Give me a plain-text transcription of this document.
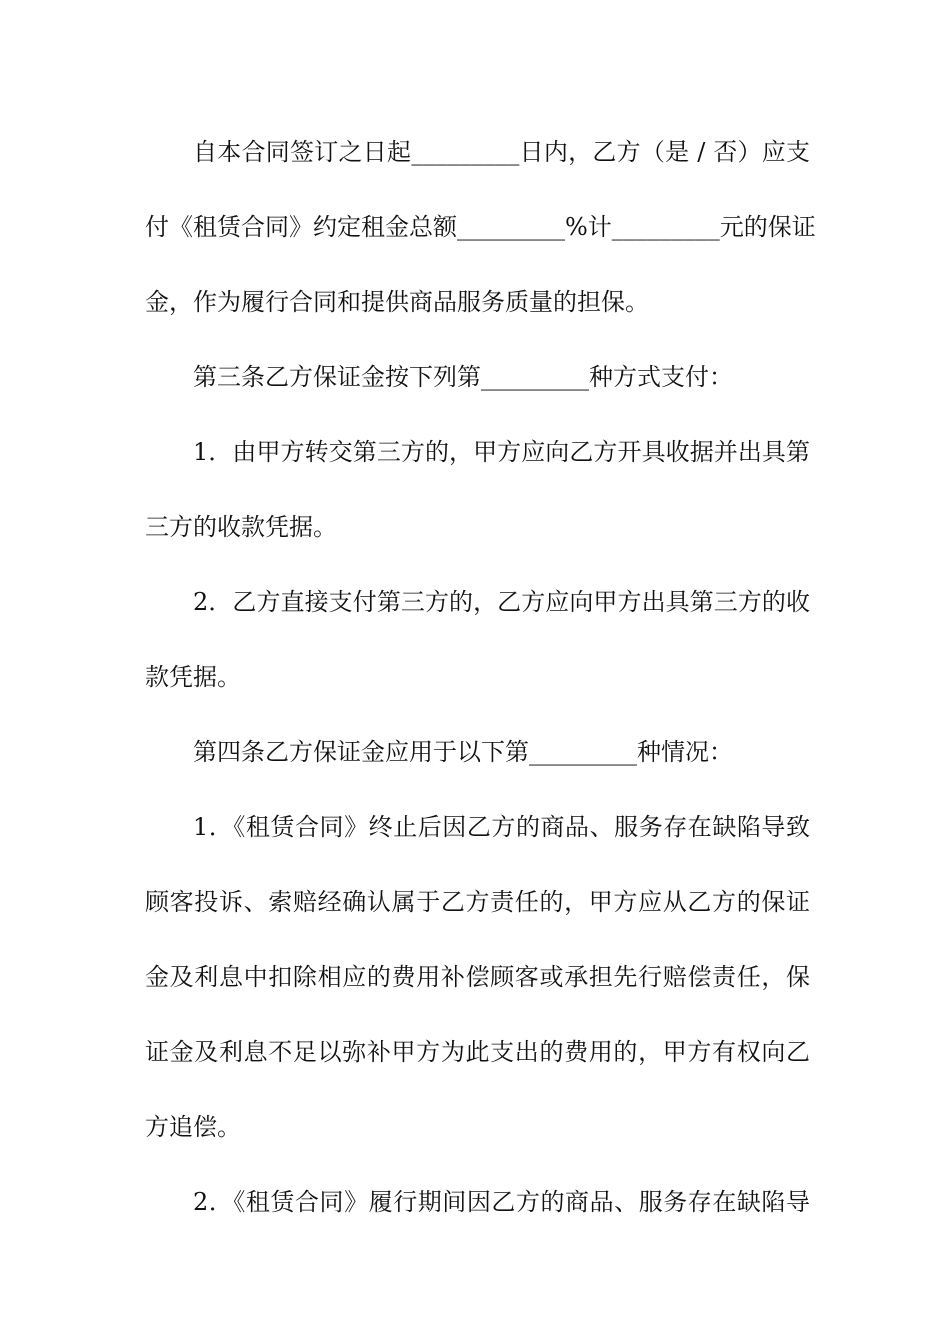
自本合同签订之日起_________日内，乙方（是 / 否）应支
付《租赁合同》约定租金总额_________%计_________元的保证
金，作为履行合同和提供商品服务质量的担保。
第三条乙方保证金按下列第_________种方式支付：
1．由甲方转交第三方的，甲方应向乙方开具收据并出具第
三方的收款凭据。
2．乙方直接支付第三方的，乙方应向甲方出具第三方的收
款凭据。
第四条乙方保证金应用于以下第_________种情况：
1．《租赁合同》终止后因乙方的商品、服务存在缺陷导致
顾客投诉、索赔经确认属于乙方责任的，甲方应从乙方的保证
金及利息中扣除相应的费用补偿顾客或承担先行赔偿责任，保
证金及利息不足以弥补甲方为此支出的费用的，甲方有权向乙
方追偿。
2．《租赁合同》履行期间因乙方的商品、服务存在缺陷导
